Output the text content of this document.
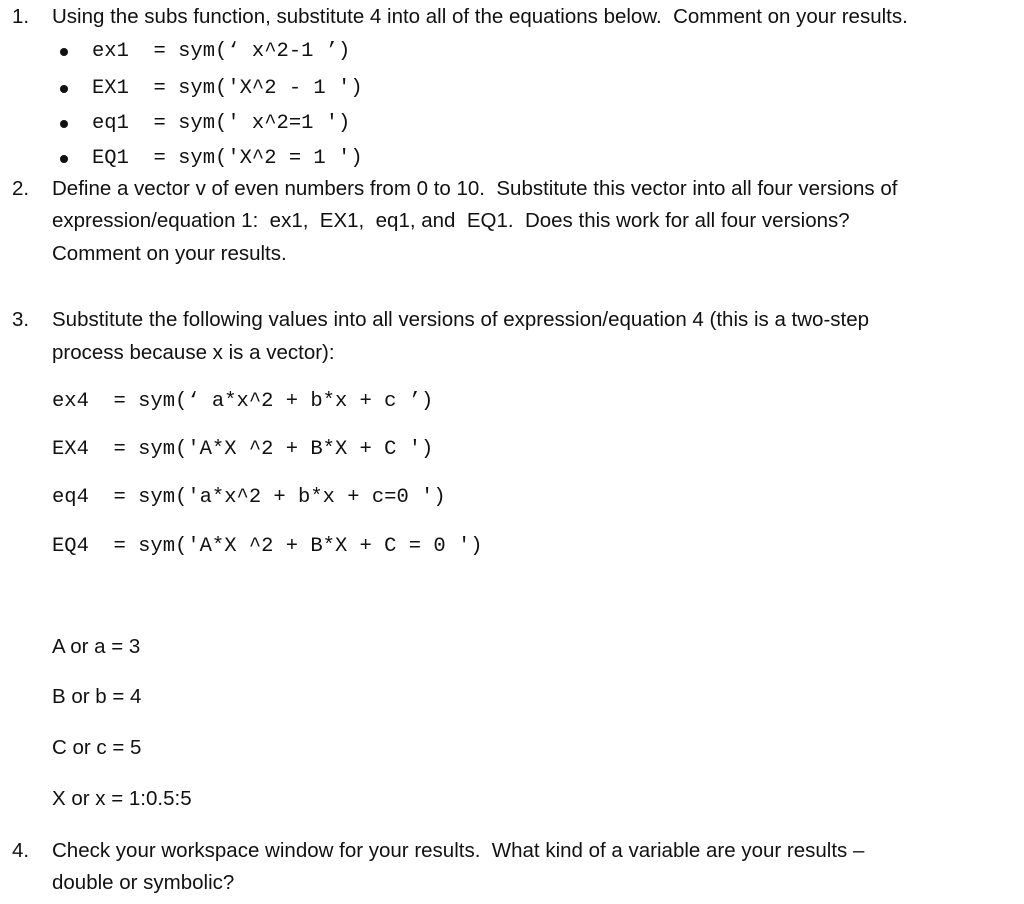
1. Using the subs function, substitute 4 into all of the equations below.  Comment on your results.
ex1  = sym(‘ x^2-1 ’)
EX1  = sym('X^2 - 1 ')
eq1  = sym(' x^2=1 ')
EQ1  = sym('X^2 = 1 ')
2. Define a vector v of even numbers from 0 to 10.  Substitute this vector into all four versions of
expression/equation 1:  ex1,  EX1,  eq1, and  EQ1.  Does this work for all four versions?
Comment on your results.
3. Substitute the following values into all versions of expression/equation 4 (this is a two-step
process because x is a vector):
ex4  = sym(‘ a*x^2 + b*x + c ’)
EX4  = sym('A*X ^2 + B*X + C ')
eq4  = sym('a*x^2 + b*x + c=0 ')
EQ4  = sym('A*X ^2 + B*X + C = 0 ')
A or a = 3
B or b = 4
C or c = 5
X or x = 1:0.5:5
4. Check your workspace window for your results.  What kind of a variable are your results –
double or symbolic?
